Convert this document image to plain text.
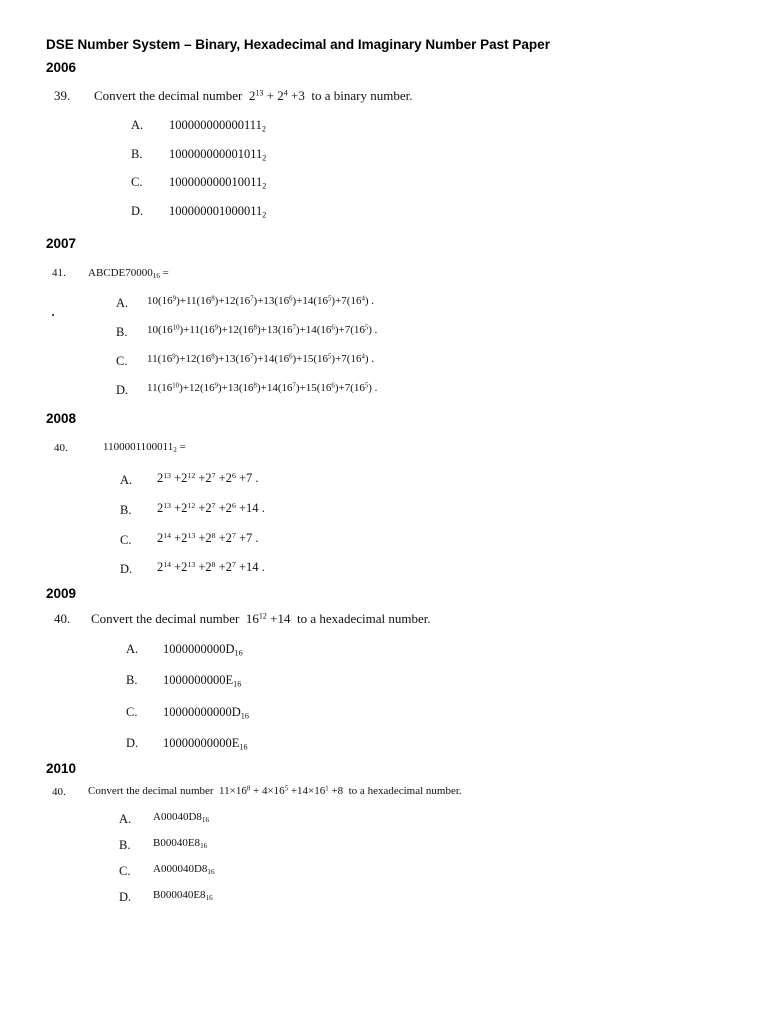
DSE Number System – Binary, Hexadecimal and Imaginary Number Past Paper
2006
39. Convert the decimal number $2^{13} + 2^4 +3$ to a binary number.
A. $100000000000111_2$
B. $100000000001011_2$
C. $100000000010011_2$
D. $100000001000011_2$
2007
41. $ABCDE70000_{16}$ =
A. $10(16^9)+11(16^8)+12(16^7)+13(16^6)+14(16^5)+7(16^4)$ .
B. $10(16^{10})+11(16^9)+12(16^8)+13(16^7)+14(16^6)+7(16^5)$ .
C. $11(16^9)+12(16^8)+13(16^7)+14(16^6)+15(16^5)+7(16^4)$ .
D. $11(16^{10})+12(16^9)+13(16^8)+14(16^7)+15(16^6)+7(16^5)$ .
2008
40.	$1100001100011_2$ =
A. $2^{13} +2^{12} +2^7 +2^6 +7$ .
B. $2^{13} +2^{12} +2^7 +2^6 +14$ .
C. $2^{14} +2^{13} +2^8 +2^7 +7$ .
D. $2^{14} +2^{13} +2^8 +2^7 +14$ .
2009
40. Convert the decimal number $16^{12} +14$ to a hexadecimal number.
A. $1000000000D_{16}$
B. $1000000000E_{16}$
C. $10000000000D_{16}$
D. $10000000000E_{16}$
2010
40. Convert the decimal number $11\times 16^8 + 4\times 16^5 +14\times 16^1 +8$ to a hexadecimal number.
A. $A00040D8_{16}$
B. $B00040E8_{16}$
C. $A000040D8_{16}$
D. $B000040E8_{16}$
